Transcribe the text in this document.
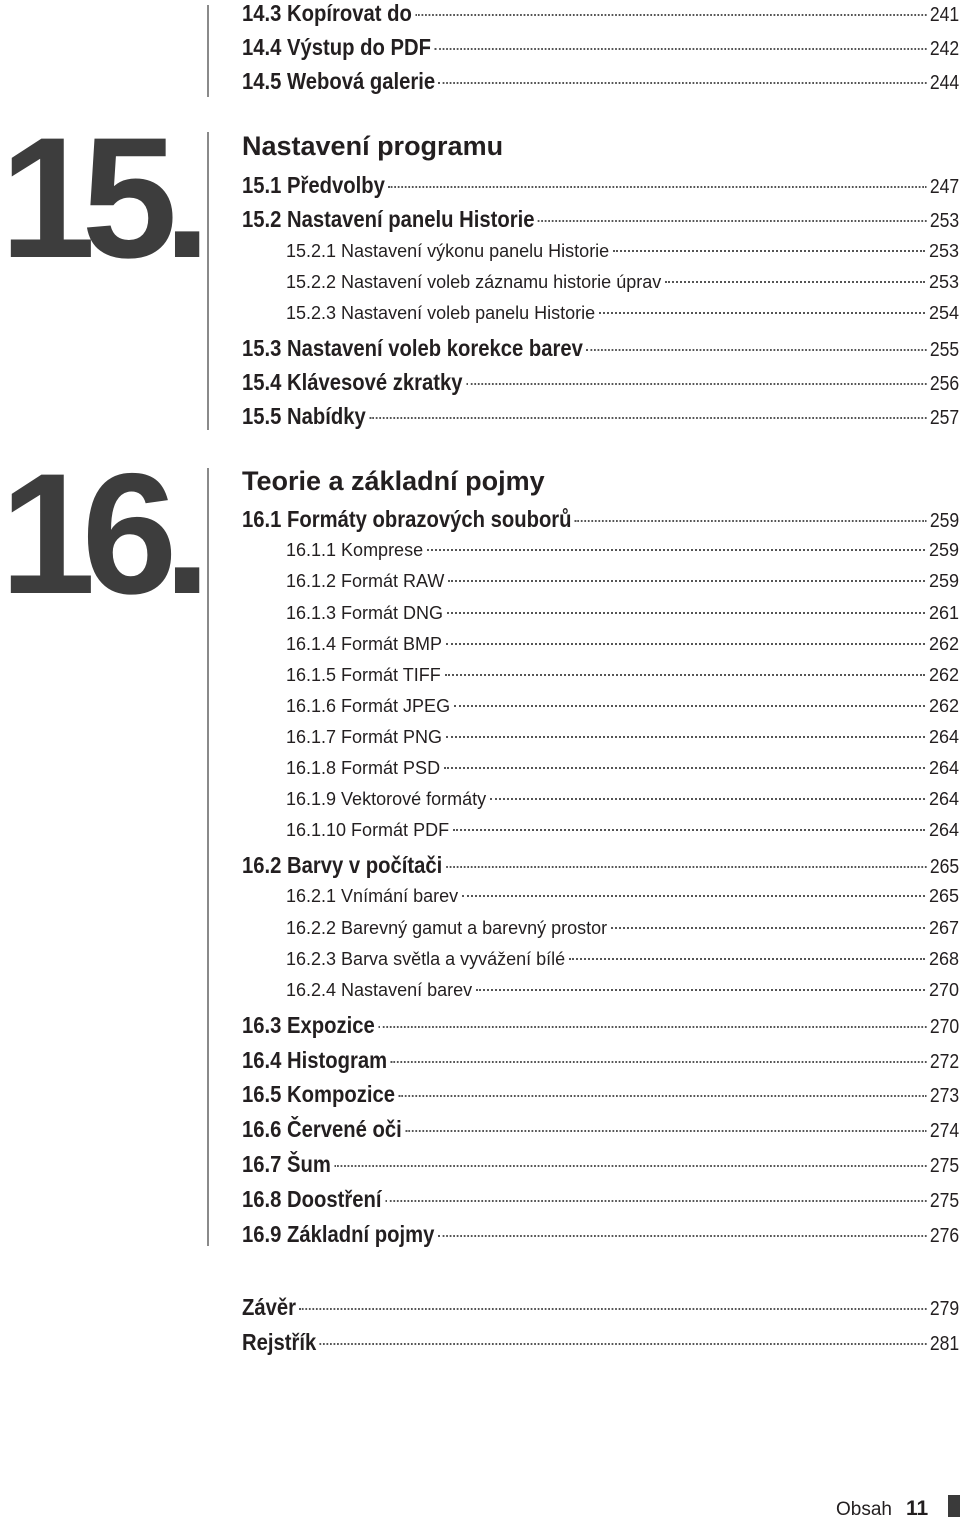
14.3 Kopírovat do	241
14.4 Výstup do PDF	242
14.5 Webová galerie	244
15. Nastavení programu
15.1 Předvolby	247
15.2 Nastavení panelu Historie	253
15.2.1 Nastavení výkonu panelu Historie	253
15.2.2 Nastavení voleb záznamu historie úprav	253
15.2.3 Nastavení voleb panelu Historie	254
15.3 Nastavení voleb korekce barev	255
15.4 Klávesové zkratky	256
15.5 Nabídky	257
16. Teorie a základní pojmy
16.1 Formáty obrazových souborů	259
16.1.1 Komprese	259
16.1.2 Formát RAW	259
16.1.3 Formát DNG	261
16.1.4 Formát BMP	262
16.1.5 Formát TIFF	262
16.1.6 Formát JPEG	262
16.1.7 Formát PNG	264
16.1.8 Formát PSD	264
16.1.9 Vektorové formáty	264
16.1.10 Formát PDF	264
16.2 Barvy v počítači	265
16.2.1 Vnímání barev	265
16.2.2 Barevný gamut a barevný prostor	267
16.2.3 Barva světla a vyvážení bílé	268
16.2.4 Nastavení barev	270
16.3 Expozice	270
16.4 Histogram	272
16.5 Kompozice	273
16.6 Červené oči	274
16.7 Šum	275
16.8 Doostření	275
16.9 Základní pojmy	276
Závěr	279
Rejstřík	281
Obsah 11
